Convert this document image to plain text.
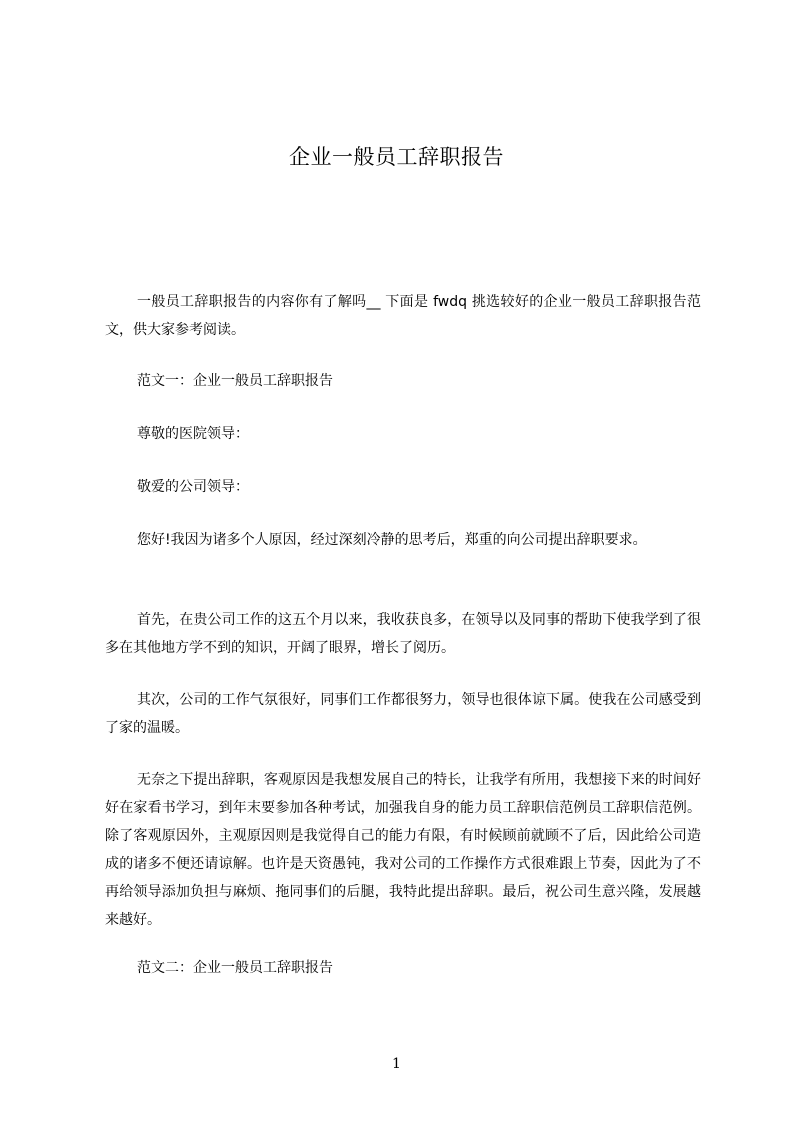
企业一般员工辞职报告

一般员工辞职报告的内容你有了解吗__ 下面是 fwdq 挑选较好的企业一般员工辞职报告范文，供大家参考阅读。

范文一：企业一般员工辞职报告

尊敬的医院领导：

敬爱的公司领导：

您好!我因为诸多个人原因，经过深刻冷静的思考后，郑重的向公司提出辞职要求。

首先，在贵公司工作的这五个月以来，我收获良多，在领导以及同事的帮助下使我学到了很多在其他地方学不到的知识，开阔了眼界，增长了阅历。

其次，公司的工作气氛很好，同事们工作都很努力，领导也很体谅下属。使我在公司感受到了家的温暖。

无奈之下提出辞职，客观原因是我想发展自己的特长，让我学有所用，我想接下来的时间好好在家看书学习，到年末要参加各种考试，加强我自身的能力员工辞职信范例员工辞职信范例。除了客观原因外，主观原因则是我觉得自己的能力有限，有时候顾前就顾不了后，因此给公司造成的诸多不便还请谅解。也许是天资愚钝，我对公司的工作操作方式很难跟上节奏，因此为了不再给领导添加负担与麻烦、拖同事们的后腿，我特此提出辞职。最后，祝公司生意兴隆，发展越来越好。

范文二：企业一般员工辞职报告

1
